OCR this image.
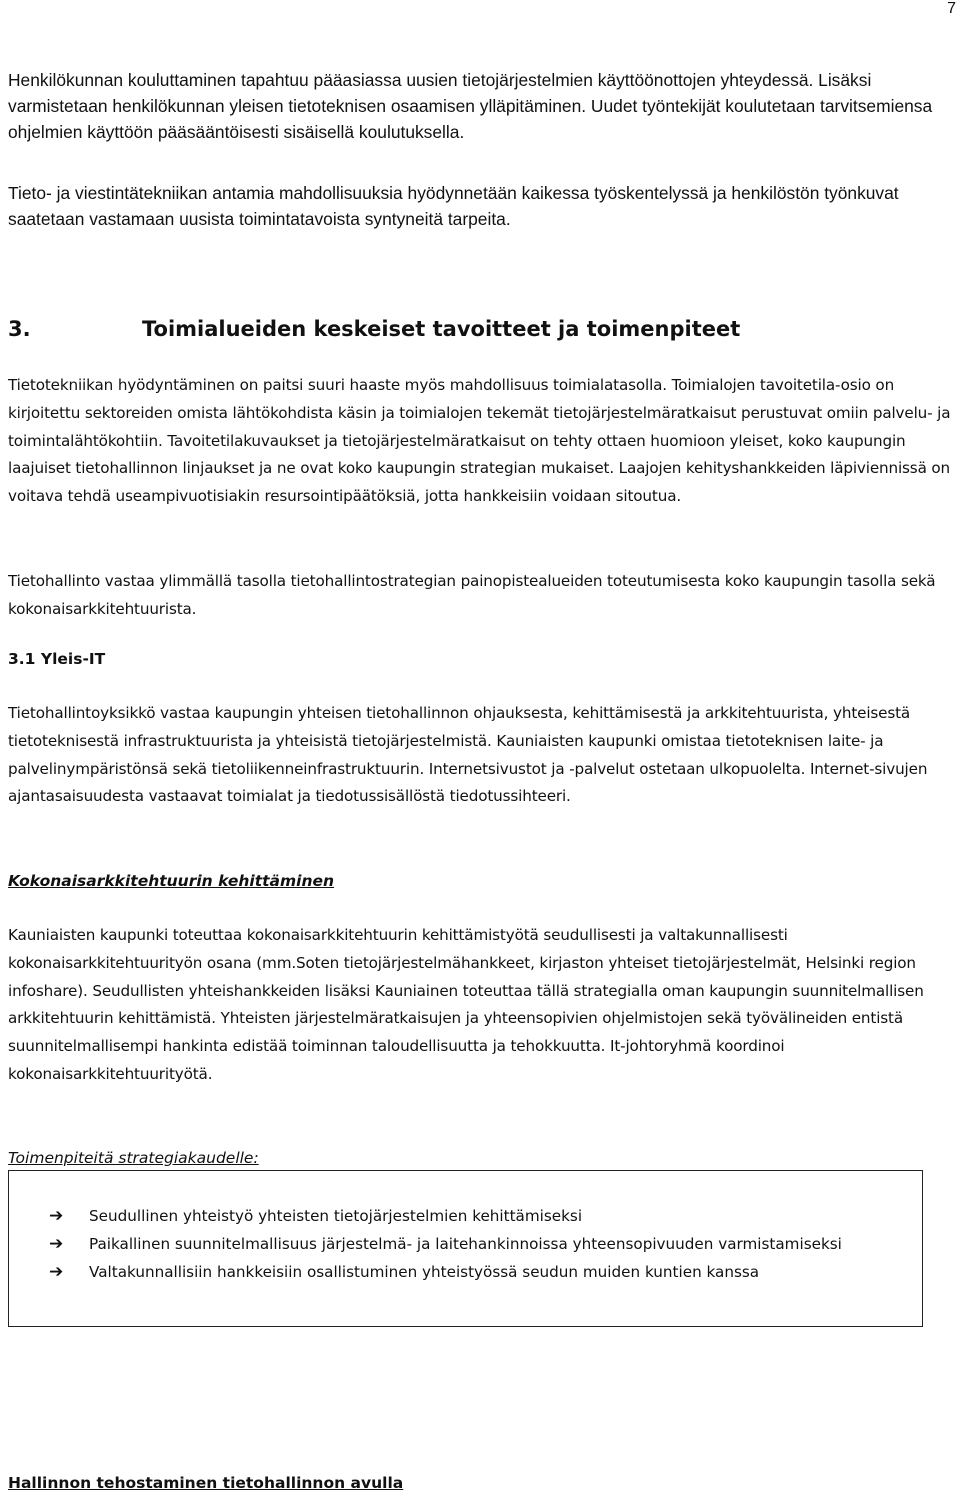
7

Henkilökunnan kouluttaminen tapahtuu pääasiassa uusien tietojärjestelmien käyttöönottojen yhteydessä. Lisäksi varmistetaan henkilökunnan yleisen tietoteknisen osaamisen ylläpitäminen. Uudet työntekijät koulutetaan tarvitsemiensa ohjelmien käyttöön pääsääntöisesti sisäisellä koulutuksella.

Tieto- ja viestintätekniikan antamia mahdollisuuksia hyödynnetään kaikessa työskentelyssä ja henkilöstön työnkuvat saatetaan vastamaan uusista toimintatavoista syntyneitä tarpeita.

3.	Toimialueiden keskeiset tavoitteet ja toimenpiteet

Tietotekniikan hyödyntäminen on paitsi suuri haaste myös mahdollisuus toimialatasolla. Toimialojen tavoitetila-osio on kirjoitettu sektoreiden omista lähtökohdista käsin ja toimialojen tekemät tietojärjestelmäratkaisut perustuvat omiin palvelu- ja toimintalähtökohtiin. Tavoitetilakuvaukset ja tietojärjestelmäratkaisut on tehty ottaen huomioon yleiset, koko kaupungin laajuiset tietohallinnon linjaukset ja ne ovat koko kaupungin strategian mukaiset. Laajojen kehityshankkeiden läpiviennissä on voitava tehdä useampivuotisiakin resursointipäätöksiä, jotta hankkeisiin voidaan sitoutua.

Tietohallinto vastaa ylimmällä tasolla tietohallintostrategian painopistealueiden toteutumisesta koko kaupungin tasolla sekä kokonaisarkkitehtuurista.

3.1 Yleis-IT

Tietohallintoyksikkö vastaa kaupungin yhteisen tietohallinnon ohjauksesta, kehittämisestä ja arkkitehtuurista, yhteisestä tietoteknisestä infrastruktuurista ja yhteisistä tietojärjestelmistä. Kauniaisten kaupunki omistaa tietoteknisen laite- ja palvelinympäristönsä sekä tietoliikenneinfrastruktuurin. Internetsivustot ja -palvelut ostetaan ulkopuolelta. Internet-sivujen ajantasaisuudesta vastaavat toimialat ja tiedotussisällöstä tiedotussihteeri.

Kokonaisarkkitehtuurin kehittäminen

Kauniaisten kaupunki toteuttaa kokonaisarkkitehtuurin kehittämistyötä seudullisesti ja valtakunnallisesti kokonaisarkkitehtuurityön osana (mm.Soten tietojärjestelmähankkeet, kirjaston yhteiset tietojärjestelmät, Helsinki region infoshare). Seudullisten yhteishankkeiden lisäksi Kauniainen toteuttaa tällä strategialla oman kaupungin suunnitelmallisen arkkitehtuurin kehittämistä. Yhteisten järjestelmäratkaisujen ja yhteensopivien ohjelmistojen sekä työvälineiden entistä suunnitelmallisempi hankinta edistää toiminnan taloudellisuutta ja tehokkuutta. It-johtoryhmä koordinoi kokonaisarkkitehtuurityötä.

Toimenpiteitä strategiakaudelle:
➔	Seudullinen yhteistyö yhteisten tietojärjestelmien kehittämiseksi
➔	Paikallinen suunnitelmallisuus järjestelmä- ja laitehankinnoissa yhteensopivuuden varmistamiseksi
➔	Valtakunnallisiin hankkeisiin osallistuminen yhteistyössä seudun muiden kuntien kanssa
Hallinnon tehostaminen tietohallinnon avulla
